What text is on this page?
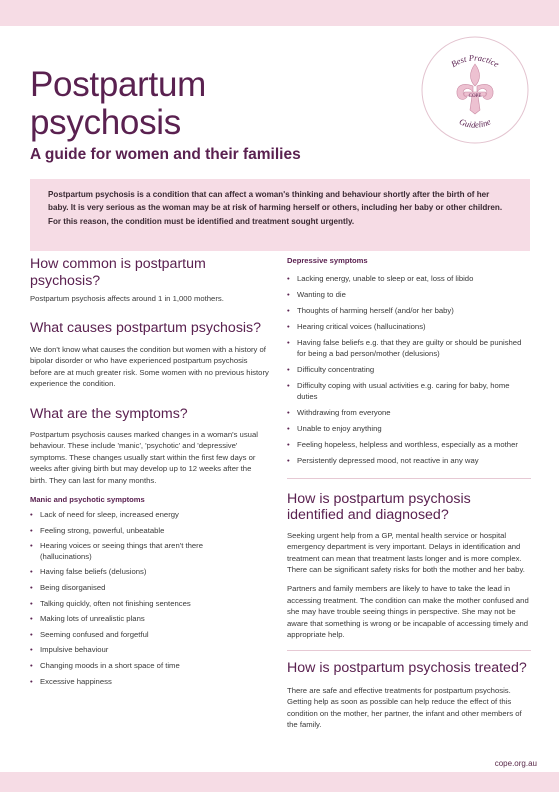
Best Practice
Guideline
COPE
Postpartum psychosis
A guide for women and their families
Postpartum psychosis is a condition that can affect a woman's thinking and behaviour shortly after the birth of her baby. It is very serious as the woman may be at risk of harming herself or others, including her baby or other children. For this reason, the condition must be identified and treatment sought urgently.
How common is postpartum psychosis?

Postpartum psychosis affects around 1 in 1,000 mothers.

What causes postpartum psychosis?

We don't know what causes the condition but women with a history of bipolar disorder or who have experienced postpartum psychosis before are at much greater risk. Some women with no previous history experience the condition.

What are the symptoms?

Postpartum psychosis causes marked changes in a woman's usual behaviour. These include 'manic', 'psychotic' and 'depressive' symptoms. These changes usually start within the first few days or weeks after giving birth but may develop up to 12 weeks after the birth. They can last for many months.

Manic and psychotic symptoms
• Lack of need for sleep, increased energy
• Feeling strong, powerful, unbeatable
• Hearing voices or seeing things that aren't there (hallucinations)
• Having false beliefs (delusions)
• Being disorganised
• Talking quickly, often not finishing sentences
• Making lots of unrealistic plans
• Seeming confused and forgetful
• Impulsive behaviour
• Changing moods in a short space of time
• Excessive happiness
Depressive symptoms
• Lacking energy, unable to sleep or eat, loss of libido
• Wanting to die
• Thoughts of harming herself (and/or her baby)
• Hearing critical voices (hallucinations)
• Having false beliefs e.g. that they are guilty or should be punished for being a bad person/mother (delusions)
• Difficulty concentrating
• Difficulty coping with usual activities e.g. caring for baby, home duties
• Withdrawing from everyone
• Unable to enjoy anything
• Feeling hopeless, helpless and worthless, especially as a mother
• Persistently depressed mood, not reactive in any way
How is postpartum psychosis identified and diagnosed?

Seeking urgent help from a GP, mental health service or hospital emergency department is very important. Delays in identification and treatment can mean that treatment lasts longer and is more complex. There can be significant safety risks for both the mother and her baby.

Partners and family members are likely to have to take the lead in accessing treatment. The condition can make the mother confused and she may have trouble seeing things in perspective. She may not be aware that something is wrong or be incapable of accessing timely and appropriate help.

How is postpartum psychosis treated?

There are safe and effective treatments for postpartum psychosis. Getting help as soon as possible can help reduce the effect of this condition on the mother, her partner, the infant and other members of the family.

cope.org.au
